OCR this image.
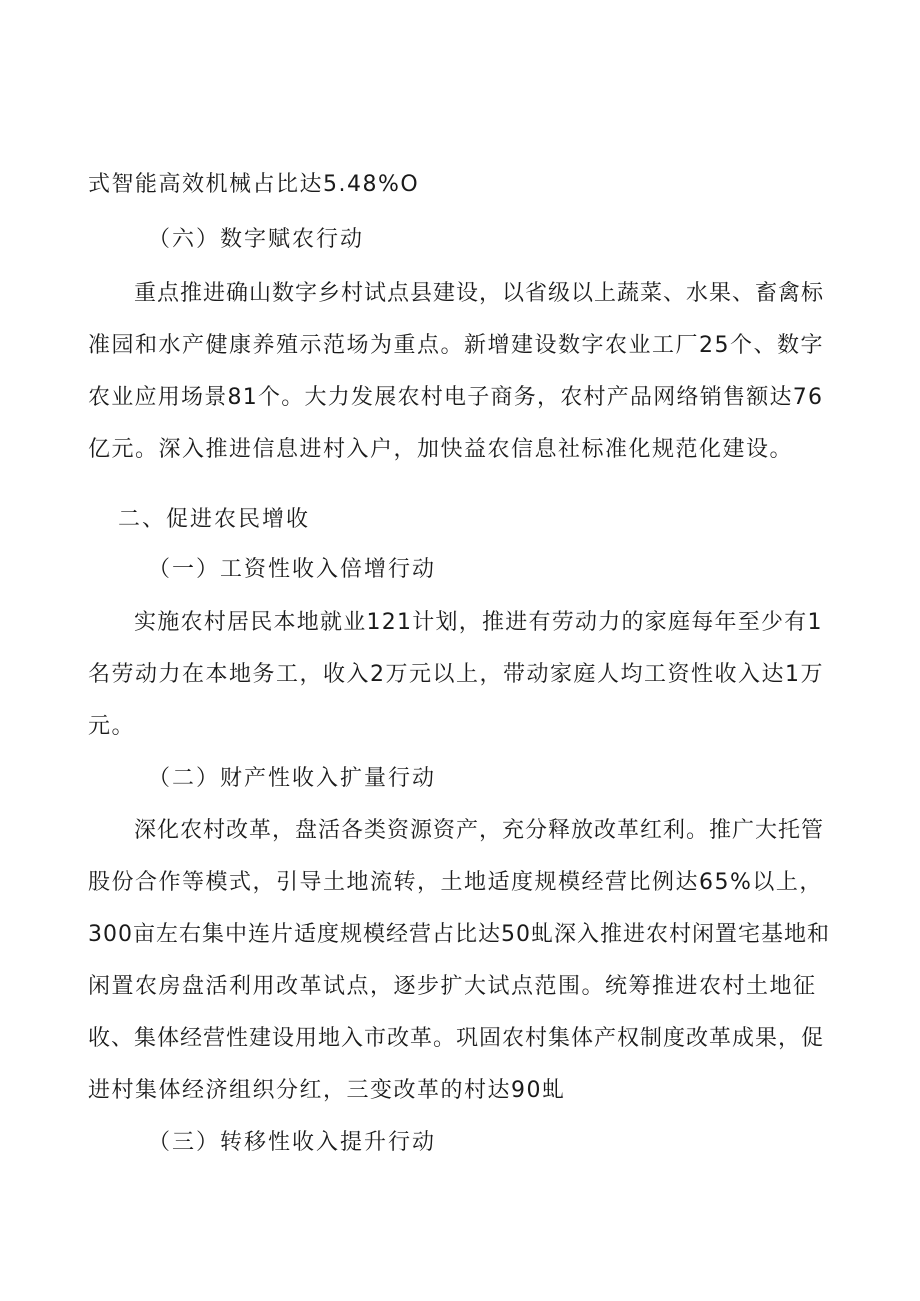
式智能高效机械占比达5.48%O
（六）数字赋农行动
重点推进确山数字乡村试点县建设，以省级以上蔬菜、水果、畜禽标
准园和水产健康养殖示范场为重点。新增建设数字农业工厂25个、数字
农业应用场景81个。大力发展农村电子商务，农村产品网络销售额达76
亿元。深入推进信息进村入户，加快益农信息社标准化规范化建设。
二、促进农民增收
（一）工资性收入倍增行动
实施农村居民本地就业121计划，推进有劳动力的家庭每年至少有1
名劳动力在本地务工，收入2万元以上，带动家庭人均工资性收入达1万
元。
（二）财产性收入扩量行动
深化农村改革，盘活各类资源资产，充分释放改革红利。推广大托管
股份合作等模式，引导土地流转，土地适度规模经营比例达65%以上，
300亩左右集中连片适度规模经营占比达50虬深入推进农村闲置宅基地和
闲置农房盘活利用改革试点，逐步扩大试点范围。统筹推进农村土地征
收、集体经营性建设用地入市改革。巩固农村集体产权制度改革成果，促
进村集体经济组织分红，三变改革的村达90虬
（三）转移性收入提升行动
